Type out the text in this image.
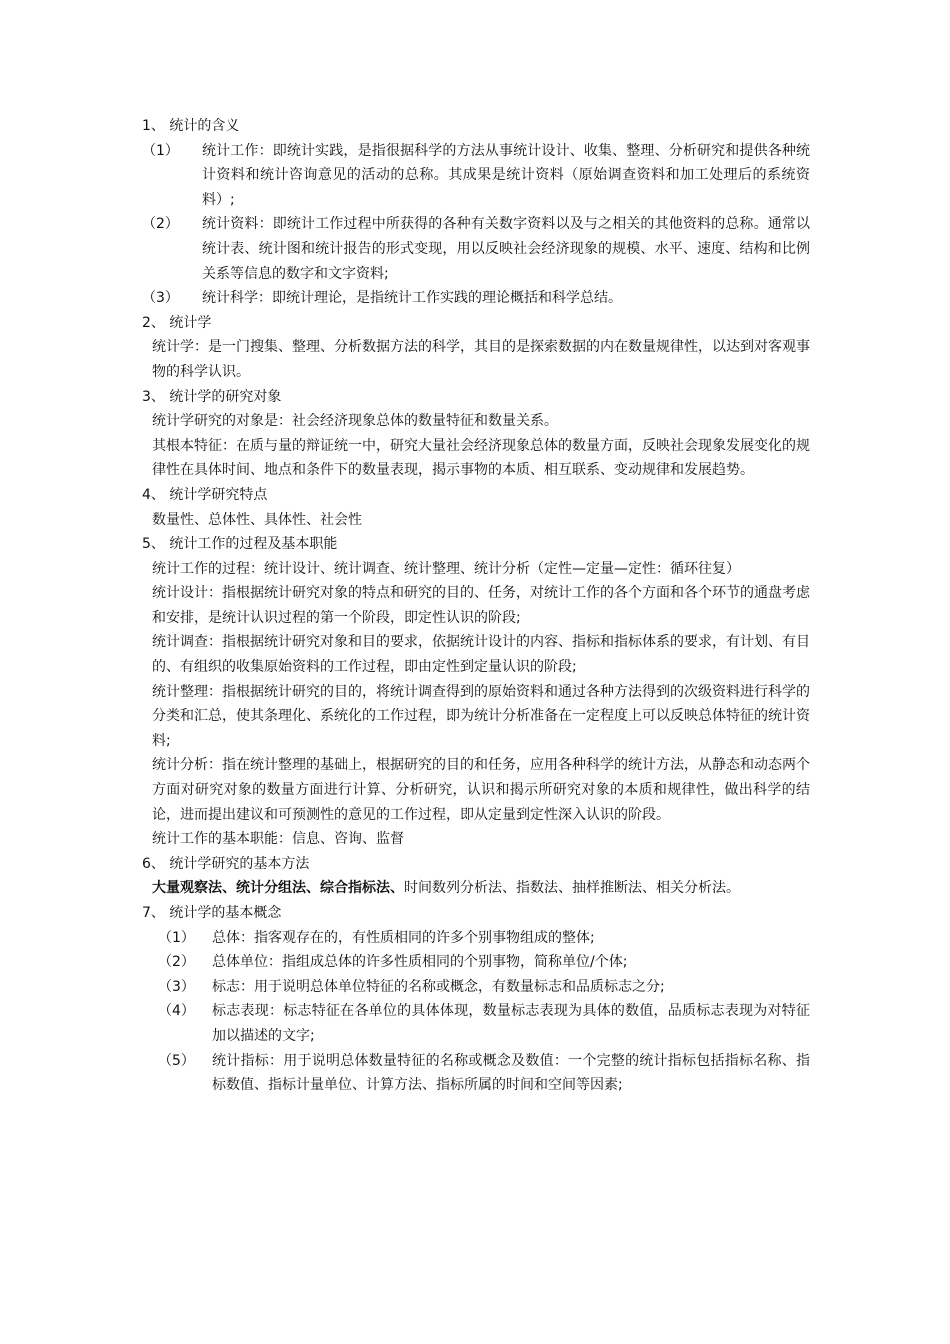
1、 统计的含义
（1）	统计工作：即统计实践，是指很据科学的方法从事统计设计、收集、整理、分析研究和提供各种统计资料和统计咨询意见的活动的总称。其成果是统计资料（原始调查资料和加工处理后的系统资料）;
（2）	统计资料：即统计工作过程中所获得的各种有关数字资料以及与之相关的其他资料的总称。通常以统计表、统计图和统计报告的形式变现，用以反映社会经济现象的规模、水平、速度、结构和比例关系等信息的数字和文字资料;
（3）	统计科学：即统计理论，是指统计工作实践的理论概括和科学总结。
2、 统计学
统计学：是一门搜集、整理、分析数据方法的科学，其目的是探索数据的内在数量规律性，以达到对客观事物的科学认识。
3、 统计学的研究对象
统计学研究的对象是：社会经济现象总体的数量特征和数量关系。
其根本特征：在质与量的辩证统一中，研究大量社会经济现象总体的数量方面，反映社会现象发展变化的规律性在具体时间、地点和条件下的数量表现，揭示事物的本质、相互联系、变动规律和发展趋势。
4、 统计学研究特点
数量性、总体性、具体性、社会性
5、 统计工作的过程及基本职能
统计工作的过程：统计设计、统计调查、统计整理、统计分析（定性—定量—定性：循环往复）
统计设计：指根据统计研究对象的特点和研究的目的、任务，对统计工作的各个方面和各个环节的通盘考虑和安排，是统计认识过程的第一个阶段，即定性认识的阶段;
统计调查：指根据统计研究对象和目的要求，依据统计设计的内容、指标和指标体系的要求，有计划、有目的、有组织的收集原始资料的工作过程，即由定性到定量认识的阶段;
统计整理：指根据统计研究的目的，将统计调查得到的原始资料和通过各种方法得到的次级资料进行科学的分类和汇总，使其条理化、系统化的工作过程，即为统计分析准备在一定程度上可以反映总体特征的统计资料;
统计分析：指在统计整理的基础上，根据研究的目的和任务，应用各种科学的统计方法，从静态和动态两个方面对研究对象的数量方面进行计算、分析研究，认识和揭示所研究对象的本质和规律性，做出科学的结论，进而提出建议和可预测性的意见的工作过程，即从定量到定性深入认识的阶段。
统计工作的基本职能：信息、咨询、监督
6、 统计学研究的基本方法
大量观察法、统计分组法、综合指标法、时间数列分析法、指数法、抽样推断法、相关分析法。
7、 统计学的基本概念
（1）	总体：指客观存在的，有性质相同的许多个别事物组成的整体;
（2）	总体单位：指组成总体的许多性质相同的个别事物，简称单位/个体;
（3）	标志：用于说明总体单位特征的名称或概念，有数量标志和品质标志之分;
（4）	标志表现：标志特征在各单位的具体体现，数量标志表现为具体的数值，品质标志表现为对特征加以描述的文字;
（5）	统计指标：用于说明总体数量特征的名称或概念及数值：一个完整的统计指标包括指标名称、指标数值、指标计量单位、计算方法、指标所属的时间和空间等因素;
